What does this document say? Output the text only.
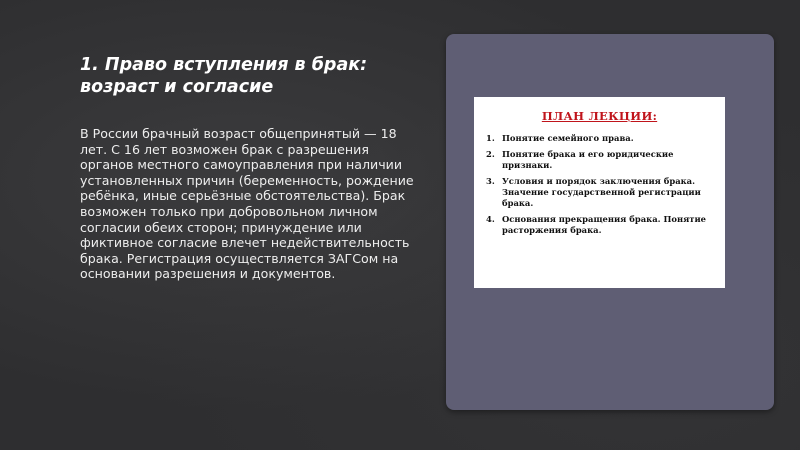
1. Право вступления в брак:
возраст и согласие

В России брачный возраст общепринятый — 18 лет. С 16 лет возможен брак с разрешения органов местного самоуправления при наличии установленных причин (беременность, рождение ребёнка, иные серьёзные обстоятельства). Брак возможен только при добровольном личном согласии обеих сторон; принуждение или фиктивное согласие влечет недействительность брака. Регистрация осуществляется ЗАГСом на основании разрешения и документов.

ПЛАН ЛЕКЦИИ:
1. Понятие семейного права.
2. Понятие брака и его юридические признаки.
3. Условия и порядок заключения брака. Значение государственной регистрации брака.
4. Основания прекращения брака. Понятие расторжения брака.
